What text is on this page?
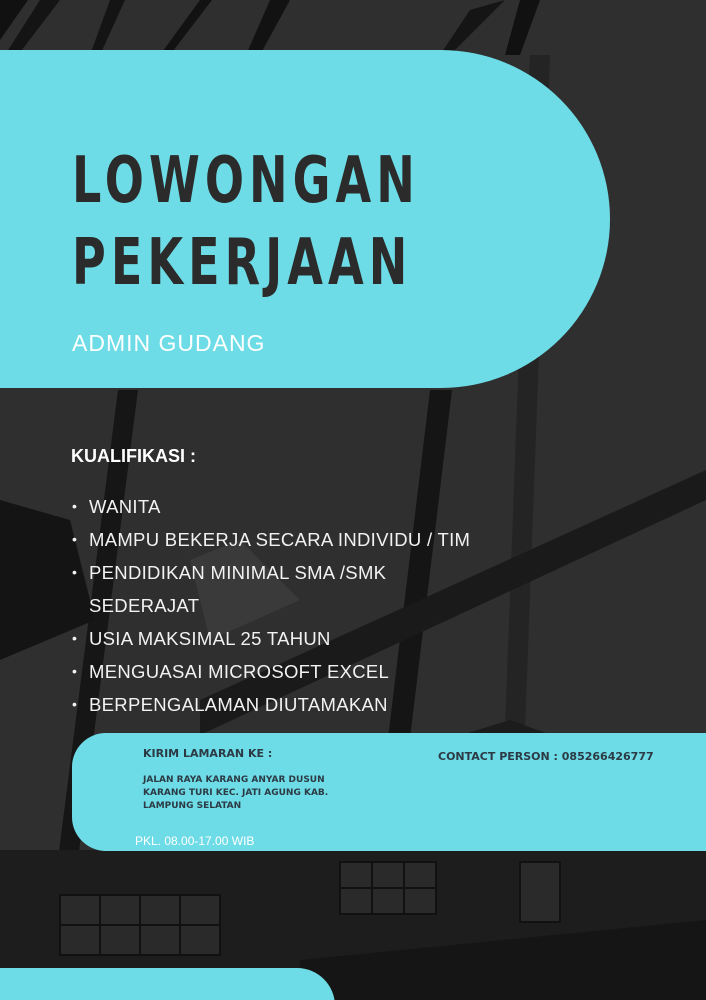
LOWONGAN
PEKERJAAN

ADMIN GUDANG

KUALIFIKASI :
• WANITA
• MAMPU BEKERJA SECARA INDIVIDU / TIM
• PENDIDIKAN MINIMAL SMA /SMK
SEDERAJAT
• USIA MAKSIMAL 25 TAHUN
• MENGUASAI MICROSOFT EXCEL
• BERPENGALAMAN DIUTAMAKAN
KIRIM LAMARAN KE :

JALAN RAYA KARANG ANYAR DUSUN
KARANG TURI KEC. JATI AGUNG KAB.
LAMPUNG SELATAN

PKL. 08.00-17.00 WIB

CONTACT PERSON : 085266426777
